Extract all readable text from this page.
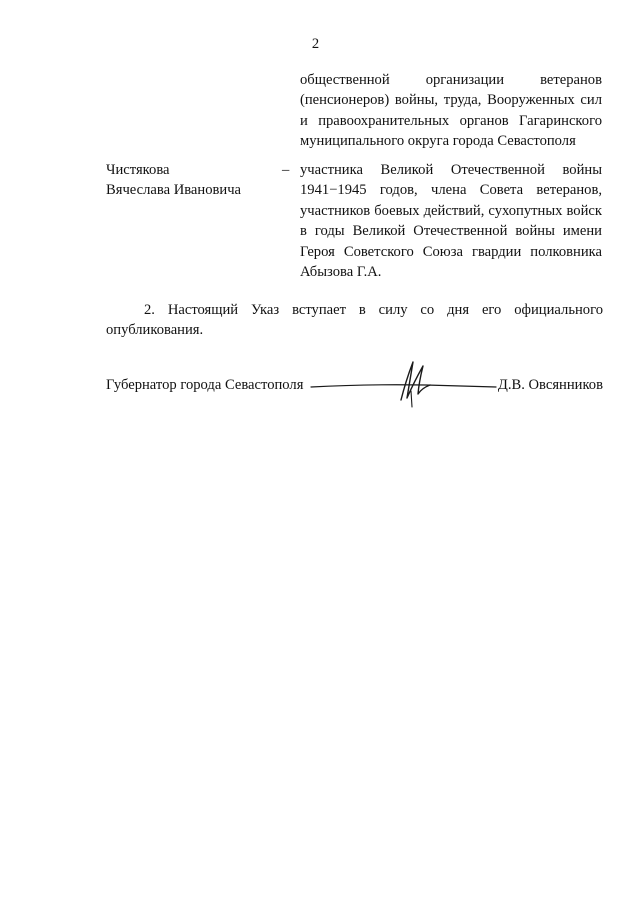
2
общественной организации ветеранов (пенсионеров) войны, труда, Вооруженных сил и правоохранительных органов Гагаринского муниципального округа города Севастополя
Чистякова
Вячеслава Ивановича
– участника Великой Отечественной войны 1941−1945 годов, члена Совета ветеранов, участников боевых действий, сухопутных войск в годы Великой Отечественной войны имени Героя Советского Союза гвардии полковника Абызова Г.А.
2. Настоящий Указ вступает в силу со дня его официального опубликования.
Губернатор города Севастополя	Д.В. Овсянников
